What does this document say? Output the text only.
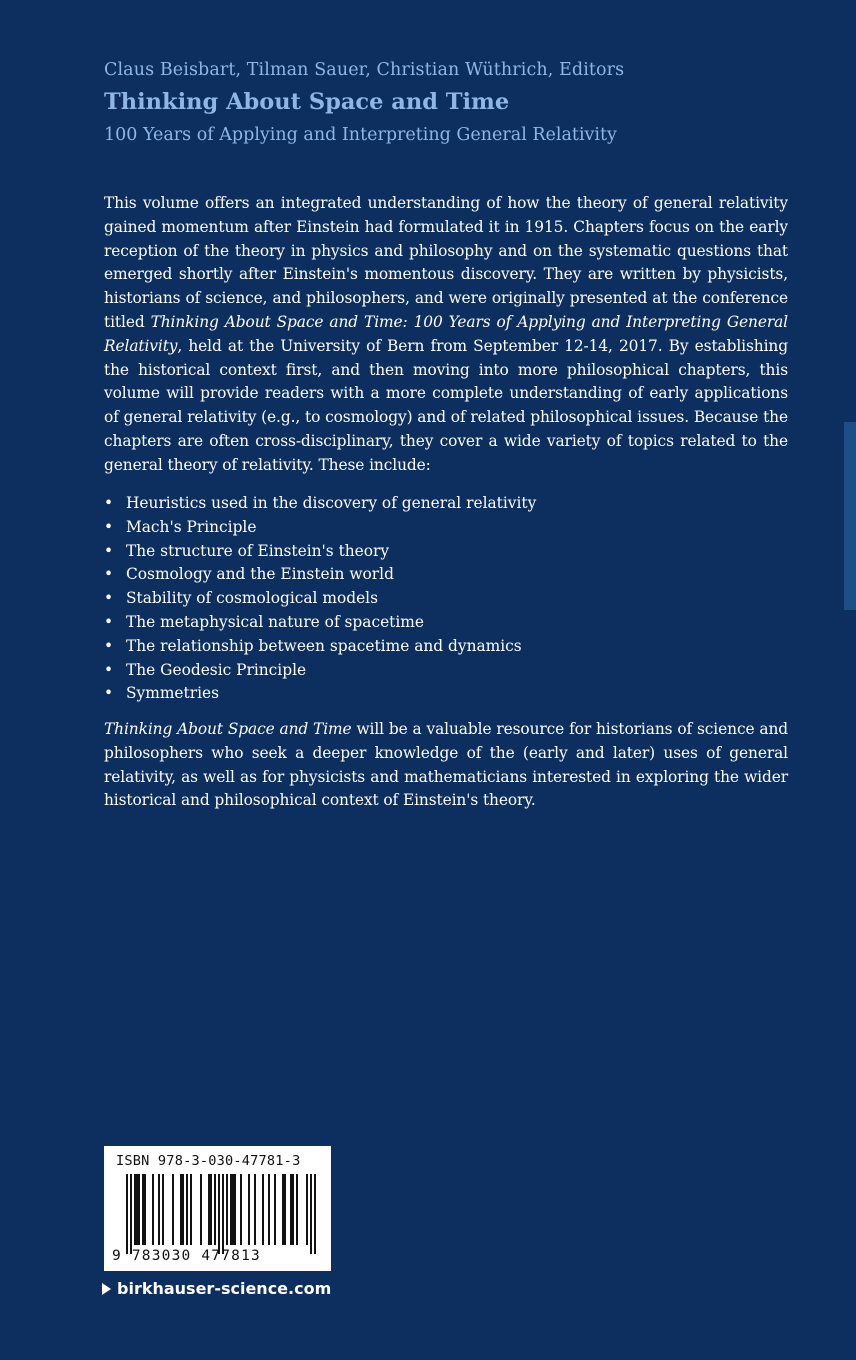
Claus Beisbart, Tilman Sauer, Christian Wüthrich, Editors
Thinking About Space and Time
100 Years of Applying and Interpreting General Relativity
This volume offers an integrated understanding of how the theory of general relativity gained momentum after Einstein had formulated it in 1915. Chapters focus on the early reception of the theory in physics and philosophy and on the systematic questions that emerged shortly after Einstein's momentous discovery. They are written by physicists, historians of science, and philosophers, and were originally presented at the conference titled Thinking About Space and Time: 100 Years of Applying and Interpreting General Relativity, held at the University of Bern from September 12-14, 2017. By establishing the historical context first, and then moving into more philosophical chapters, this volume will provide readers with a more complete understanding of early applications of general relativity (e.g., to cosmology) and of related philosophical issues. Because the chapters are often cross-disciplinary, they cover a wide variety of topics related to the general theory of relativity. These include:
• Heuristics used in the discovery of general relativity
• Mach's Principle
• The structure of Einstein's theory
• Cosmology and the Einstein world
• Stability of cosmological models
• The metaphysical nature of spacetime
• The relationship between spacetime and dynamics
• The Geodesic Principle
• Symmetries
Thinking About Space and Time will be a valuable resource for historians of science and philosophers who seek a deeper knowledge of the (early and later) uses of general relativity, as well as for physicists and mathematicians interested in exploring the wider historical and philosophical context of Einstein's theory.
ISBN 978-3-030-47781-3
9 783030 477813
birkhauser-science.com
